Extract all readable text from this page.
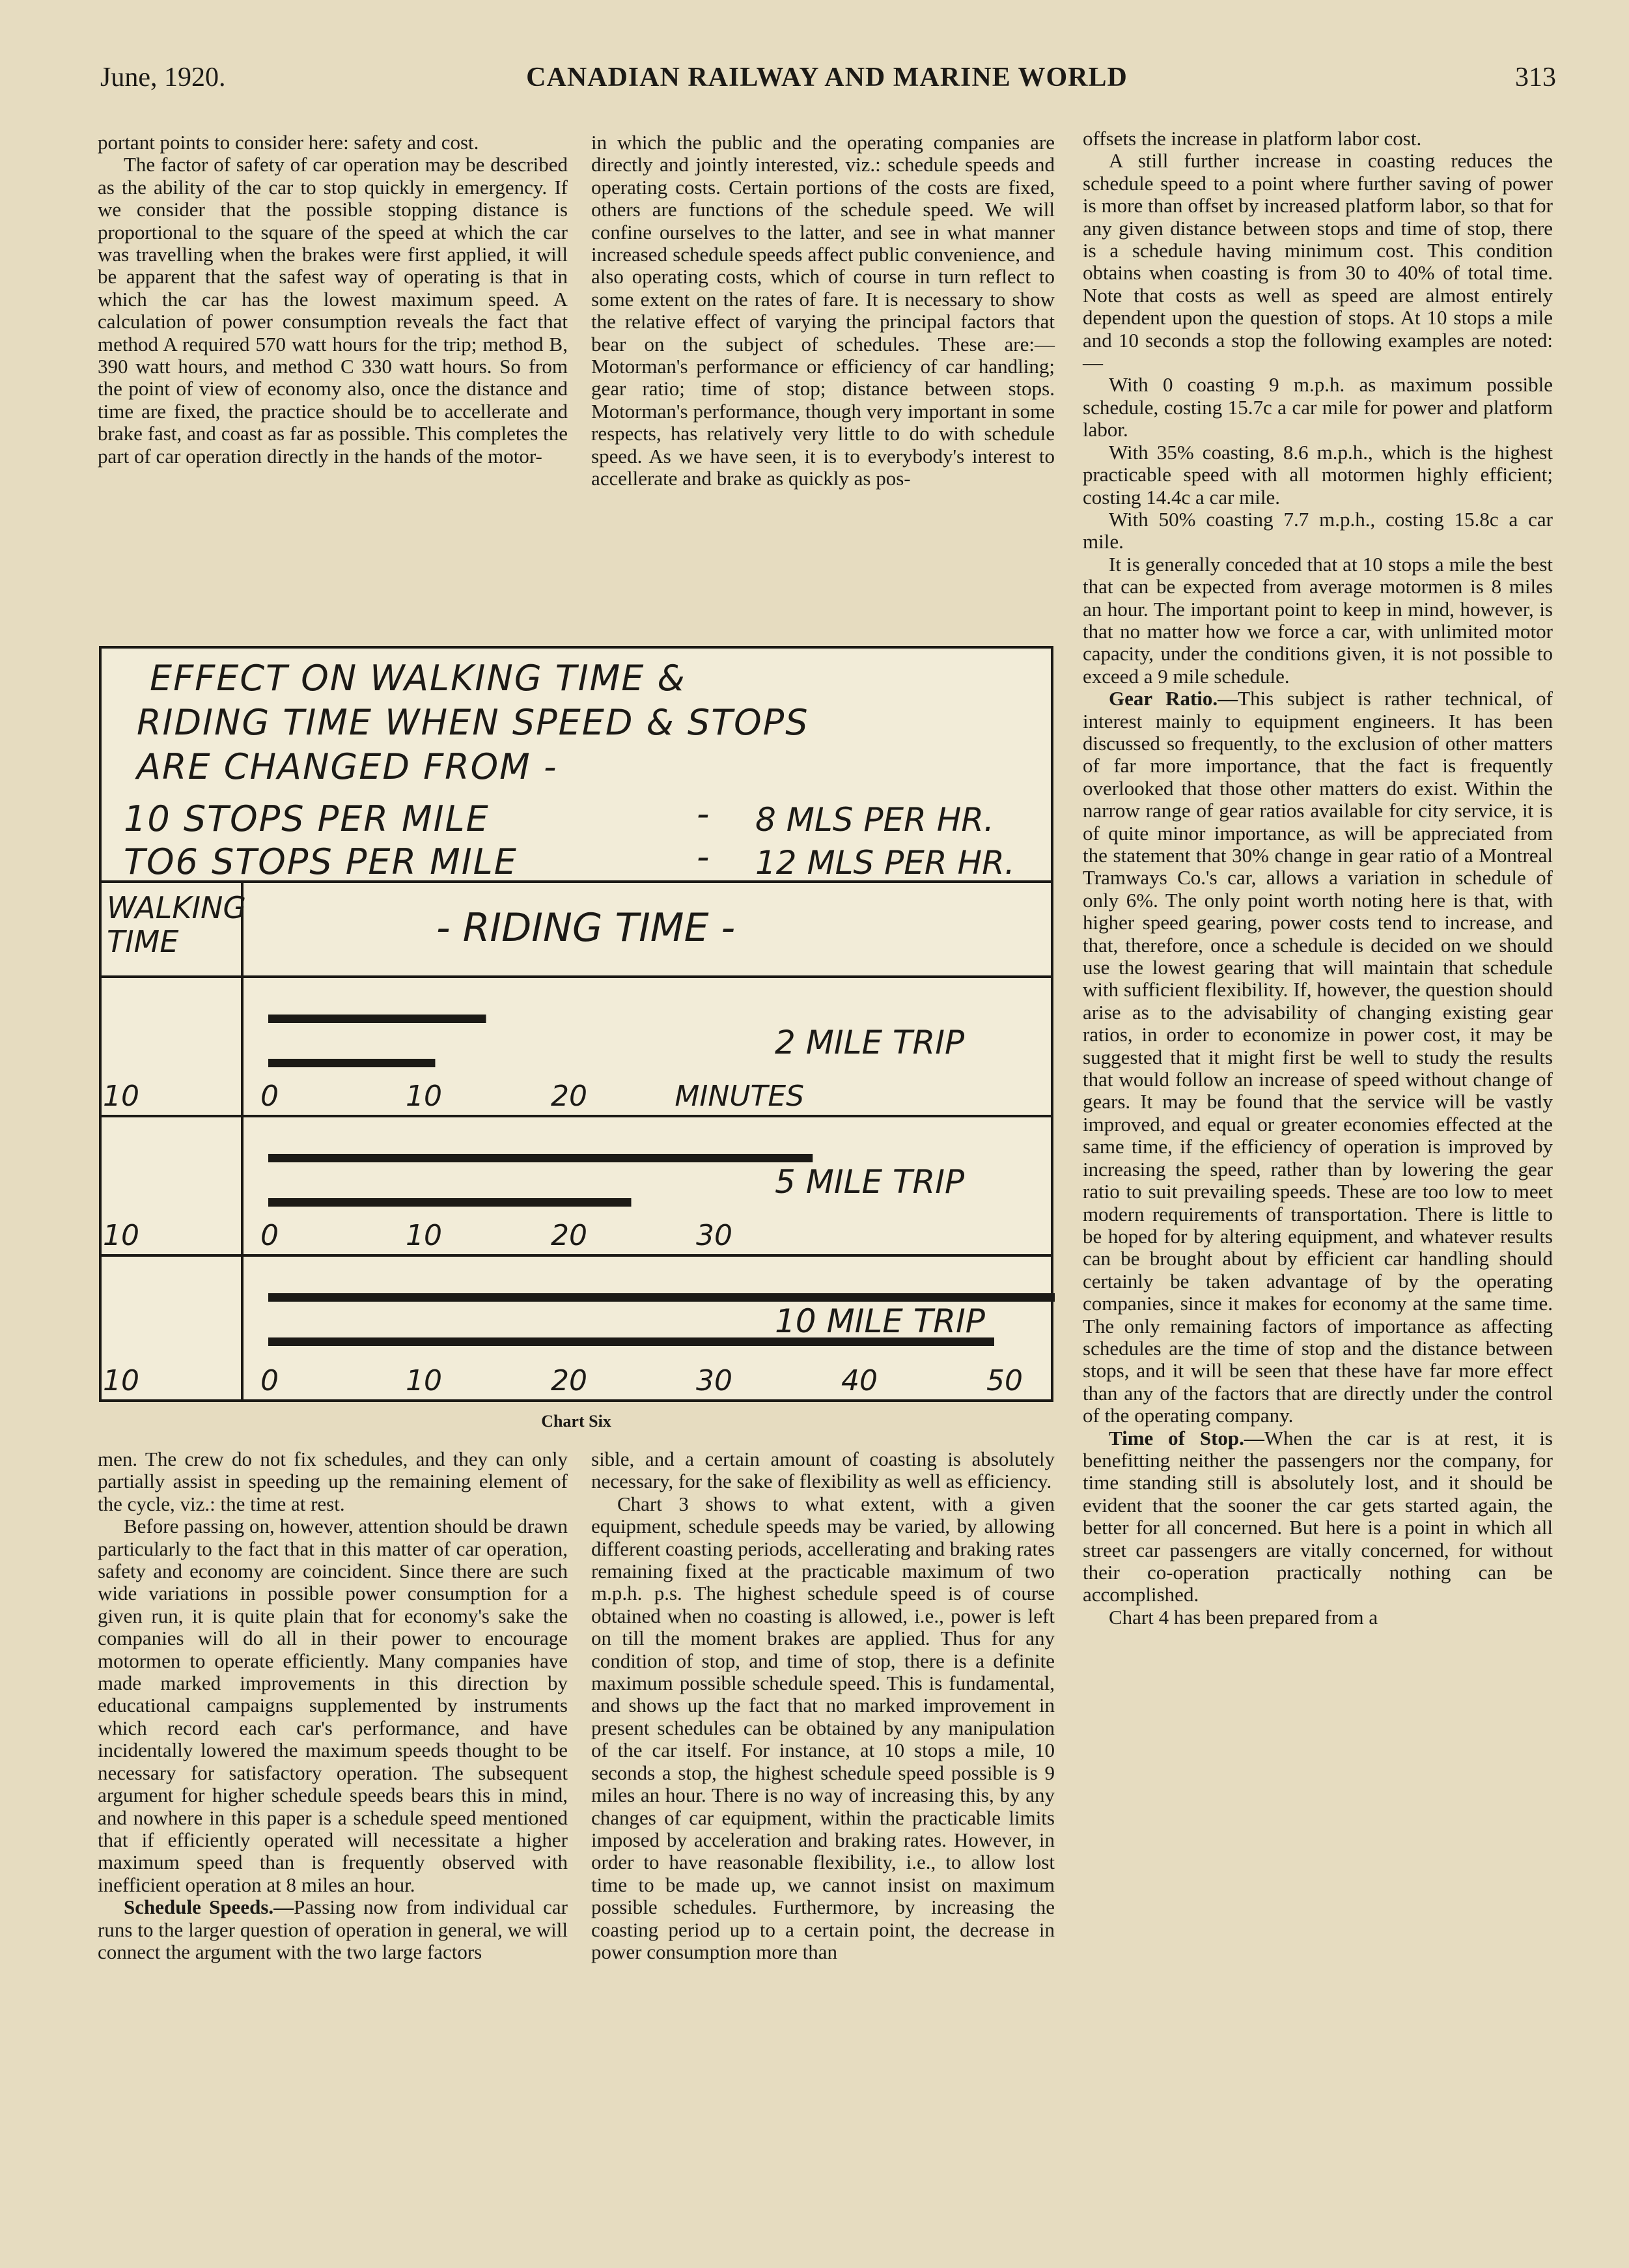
June, 1920.	CANADIAN RAILWAY AND MARINE WORLD	313

portant points to consider here: safety and cost.

The factor of safety of car operation may be described as the ability of the car to stop quickly in emergency. If we consider that the possible stopping distance is proportional to the square of the speed at which the car was travelling when the brakes were first applied, it will be apparent that the safest way of operating is that in which the car has the lowest maximum speed. A calculation of power consumption reveals the fact that method A required 570 watt hours for the trip; method B, 390 watt hours, and method C 330 watt hours. So from the point of view of economy also, once the distance and time are fixed, the practice should be to accellerate and brake fast, and coast as far as possible. This completes the part of car operation directly in the hands of the motor-

in which the public and the operating companies are directly and jointly interested, viz.: schedule speeds and operating costs. Certain portions of the costs are fixed, others are functions of the schedule speed. We will confine ourselves to the latter, and see in what manner increased schedule speeds affect public convenience, and also operating costs, which of course in turn reflect to some extent on the rates of fare. It is necessary to show the relative effect of varying the principal factors that bear on the subject of schedules. These are:— Motorman's performance or efficiency of car handling; gear ratio; time of stop; distance between stops. Motorman's performance, though very important in some respects, has relatively very little to do with schedule speed. As we have seen, it is to everybody's interest to accellerate and brake as quickly as pos-

offsets the increase in platform labor cost.

A still further increase in coasting reduces the schedule speed to a point where further saving of power is more than offset by increased platform labor, so that for any given distance between stops and time of stop, there is a schedule having minimum cost. This condition obtains when coasting is from 30 to 40% of total time. Note that costs as well as speed are almost entirely dependent upon the question of stops. At 10 stops a mile and 10 seconds a stop the following examples are noted:—

With 0 coasting 9 m.p.h. as maximum possible schedule, costing 15.7c a car mile for power and platform labor.

With 35% coasting, 8.6 m.p.h., which is the highest practicable speed with all motormen highly efficient; costing 14.4c a car mile.

With 50% coasting 7.7 m.p.h., costing 15.8c a car mile.

It is generally conceded that at 10 stops a mile the best that can be expected from average motormen is 8 miles an hour. The important point to keep in mind, however, is that no matter how we force a car, with unlimited motor capacity, under the conditions given, it is not possible to exceed a 9 mile schedule.

Gear Ratio.—This subject is rather technical, of interest mainly to equipment engineers. It has been discussed so frequently, to the exclusion of other matters of far more importance, that the fact is frequently overlooked that those other matters do exist. Within the narrow range of gear ratios available for city service, it is of quite minor importance, as will be appreciated from the statement that 30% change in gear ratio of a Montreal Tramways Co.'s car, allows a variation in schedule of only 6%. The only point worth noting here is that, with higher speed gearing, power costs tend to increase, and that, therefore, once a schedule is decided on we should use the lowest gearing that will maintain that schedule with sufficient flexibility. If, however, the question should arise as to the advisability of changing existing gear ratios, in order to economize in power cost, it may be suggested that it might first be well to study the results that would follow an increase of speed without change of gears. It may be found that the service will be vastly improved, and equal or greater economies effected at the same time, if the efficiency of operation is improved by increasing the speed, rather than by lowering the gear ratio to suit prevailing speeds. These are too low to meet modern requirements of transportation. There is little to be hoped for by altering equipment, and whatever results can be brought about by efficient car handling should certainly be taken advantage of by the operating companies, since it makes for economy at the same time. The only remaining factors of importance as affecting schedules are the time of stop and the distance between stops, and it will be seen that these have far more effect than any of the factors that are directly under the control of the operating company.

Time of Stop.—When the car is at rest, it is benefitting neither the passengers nor the company, for time standing still is absolutely lost, and it should be evident that the sooner the car gets started again, the better for all concerned. But here is a point in which all street car passengers are vitally concerned, for without their co-operation practically nothing can be accomplished.

Chart 4 has been prepared from a

EFFECT ON WALKING TIME &
RIDING TIME WHEN SPEED & STOPS
ARE CHANGED FROM -
10 STOPS PER MILE	- 8 MLS PER HR.
TO6 STOPS PER MILE	- 12 MLS PER HR.
WALKING
TIME	- RIDING TIME -
2 MILE TRIP
10	0	10	20	MINUTES
5 MILE TRIP
10	0	10	20	30
10 MILE TRIP
10	0	10	20	30	40	50
Chart Six

men. The crew do not fix schedules, and they can only partially assist in speeding up the remaining element of the cycle, viz.: the time at rest.

Before passing on, however, attention should be drawn particularly to the fact that in this matter of car operation, safety and economy are coincident. Since there are such wide variations in possible power consumption for a given run, it is quite plain that for economy's sake the companies will do all in their power to encourage motormen to operate efficiently. Many companies have made marked improvements in this direction by educational campaigns supplemented by instruments which record each car's performance, and have incidentally lowered the maximum speeds thought to be necessary for satisfactory operation. The subsequent argument for higher schedule speeds bears this in mind, and nowhere in this paper is a schedule speed mentioned that if efficiently operated will necessitate a higher maximum speed than is frequently observed with inefficient operation at 8 miles an hour.

Schedule Speeds.—Passing now from individual car runs to the larger question of operation in general, we will connect the argument with the two large factors

sible, and a certain amount of coasting is absolutely necessary, for the sake of flexibility as well as efficiency.

Chart 3 shows to what extent, with a given equipment, schedule speeds may be varied, by allowing different coasting periods, accellerating and braking rates remaining fixed at the practicable maximum of two m.p.h. p.s. The highest schedule speed is of course obtained when no coasting is allowed, i.e., power is left on till the moment brakes are applied. Thus for any condition of stop, and time of stop, there is a definite maximum possible schedule speed. This is fundamental, and shows up the fact that no marked improvement in present schedules can be obtained by any manipulation of the car itself. For instance, at 10 stops a mile, 10 seconds a stop, the highest schedule speed possible is 9 miles an hour. There is no way of increasing this, by any changes of car equipment, within the practicable limits imposed by acceleration and braking rates. However, in order to have reasonable flexibility, i.e., to allow lost time to be made up, we cannot insist on maximum possible schedules. Furthermore, by increasing the coasting period up to a certain point, the decrease in power consumption more than
